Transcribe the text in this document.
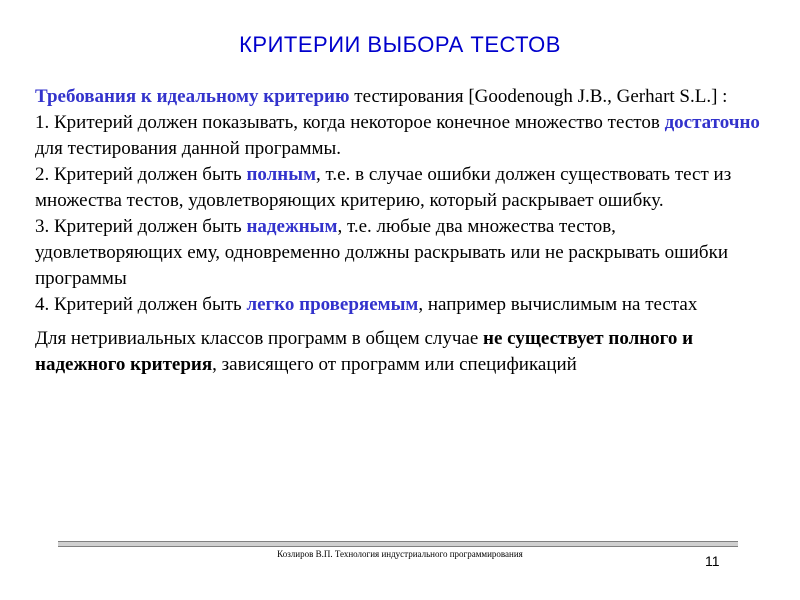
КРИТЕРИИ ВЫБОРА ТЕСТОВ

Требования к идеальному критерию тестирования [Goodenough J.B., Gerhart S.L.] :

1. Критерий должен показывать, когда некоторое конечное множество тестов достаточно для тестирования данной программы.

2. Критерий должен быть полным, т.е. в случае ошибки должен существовать тест из множества тестов, удовлетворяющих критерию, который раскрывает ошибку.

3. Критерий должен быть надежным, т.е. любые два множества тестов, удовлетворяющих ему, одновременно должны раскрывать или не раскрывать ошибки программы

4. Критерий должен быть легко проверяемым, например вычислимым на тестах

Для нетривиальных классов программ в общем случае не существует полного и надежного критерия, зависящего от программ или спецификаций

Козлиров В.П. Технология индустриального программирования	11
